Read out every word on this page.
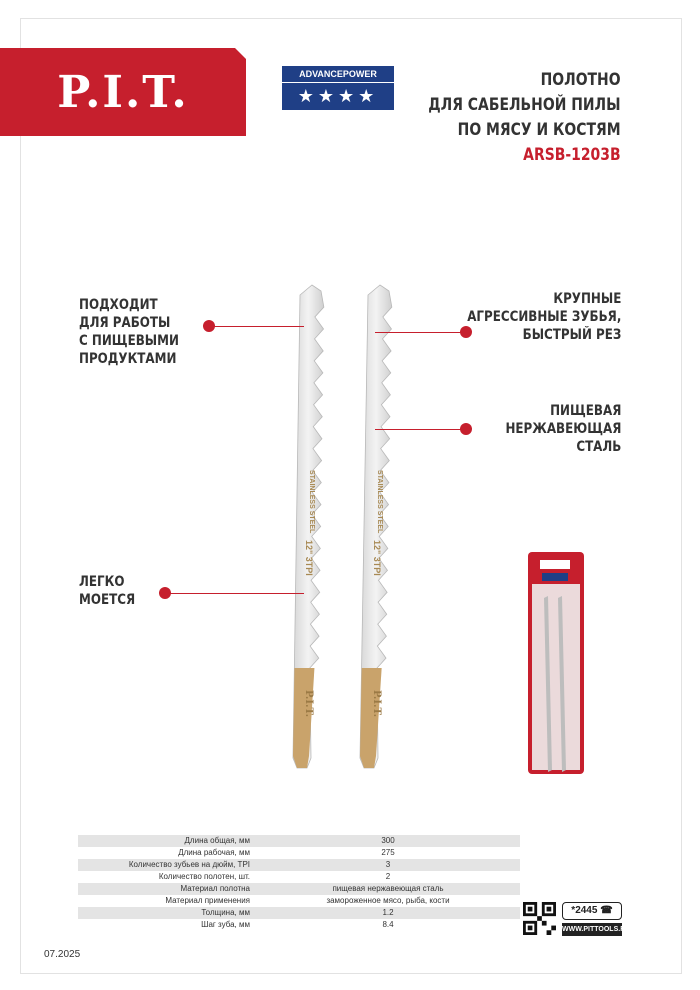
P.I.T.	ADVANCEPOWER
★★★★
ПОЛОТНО
ДЛЯ САБЕЛЬНОЙ ПИЛЫ
ПО МЯСУ И КОСТЯМ
ARSB-1203B
STAINLESS STEEL
12" 3TPI
P.I.T.
STAINLESS STEEL
12" 3TPI
P.I.T.
ПОДХОДИТ
ДЛЯ РАБОТЫ
С ПИЩЕВЫМИ
ПРОДУКТАМИ
КРУПНЫЕ
АГРЕССИВНЫЕ ЗУБЬЯ,
БЫСТРЫЙ РЕЗ
ПИЩЕВАЯ
НЕРЖАВЕЮЩАЯ
СТАЛЬ
ЛЕГКО
МОЕТСЯ
Длина общая, мм	300
Длина рабочая, мм	275
Количество зубьев на дюйм, TPI	3
Количество полотен, шт.	2
Материал полотна	пищевая нержавеющая сталь
Материал применения	замороженное мясо, рыба, кости
Толщина, мм	1.2
Шаг зуба, мм	8.4
07.2025
*2445 ☎
WWW.PITTOOLS.RU
